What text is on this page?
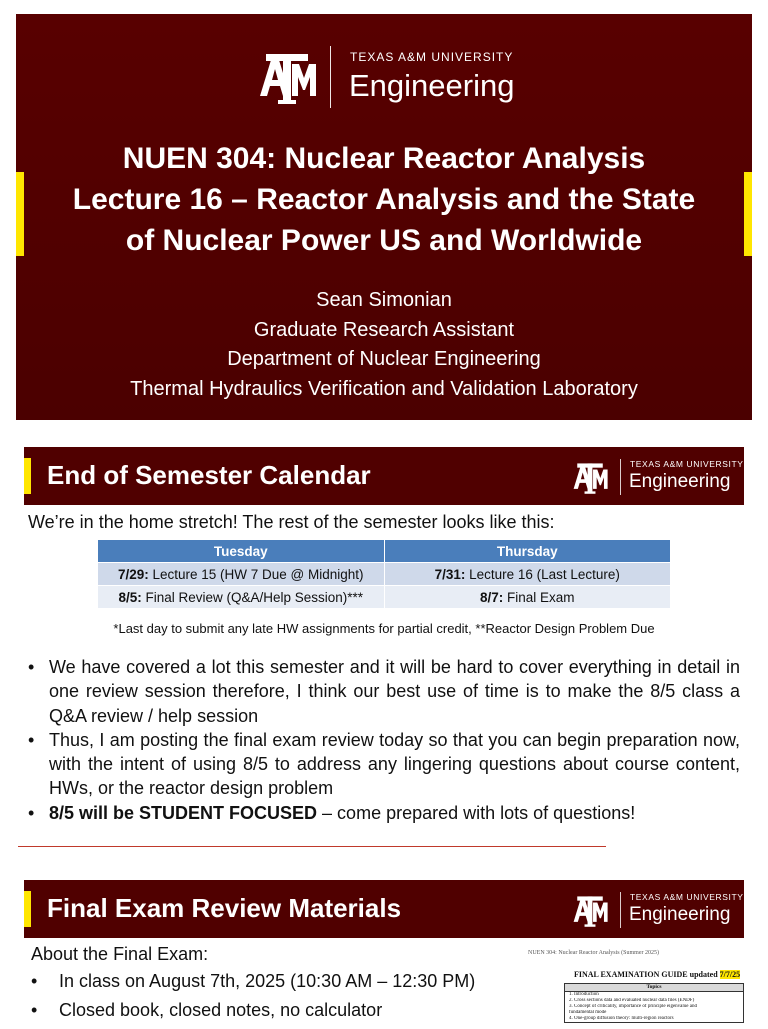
TEXAS A&M UNIVERSITY
Engineering
NUEN 304: Nuclear Reactor Analysis
Lecture 16 – Reactor Analysis and the State
of Nuclear Power US and Worldwide
Sean Simonian
Graduate Research Assistant
Department of Nuclear Engineering
Thermal Hydraulics Verification and Validation Laboratory
End of Semester Calendar	TEXAS A&M UNIVERSITY
Engineering
We’re in the home stretch! The rest of the semester looks like this:
Tuesday	Thursday
7/29: Lecture 15 (HW 7 Due @ Midnight)	7/31: Lecture 16 (Last Lecture)
8/5: Final Review (Q&A/Help Session)***	8/7: Final Exam
*Last day to submit any late HW assignments for partial credit, **Reactor Design Problem Due
• We have covered a lot this semester and it will be hard to cover everything in detail in one review session therefore, I think our best use of time is to make the 8/5 class a Q&A review / help session
• Thus, I am posting the final exam review today so that you can begin preparation now, with the intent of using 8/5 to address any lingering questions about course content, HWs, or the reactor design problem
• 8/5 will be STUDENT FOCUSED – come prepared with lots of questions!
Final Exam Review Materials	TEXAS A&M UNIVERSITY
Engineering
About the Final Exam:
• In class on August 7th, 2025 (10:30 AM – 12:30 PM)
• Closed book, closed notes, no calculator
NUEN 304: Nuclear Reactor Analysis (Summer 2025)
FINAL EXAMINATION GUIDE updated 7/7/25
Topics
1. Introduction
2. Cross sections data and evaluated nuclear data files (ENDF)
3. Concept of criticality, importance of principle eigenvalue and
fundamental mode
4. One-group diffusion theory: multi-region reactors
